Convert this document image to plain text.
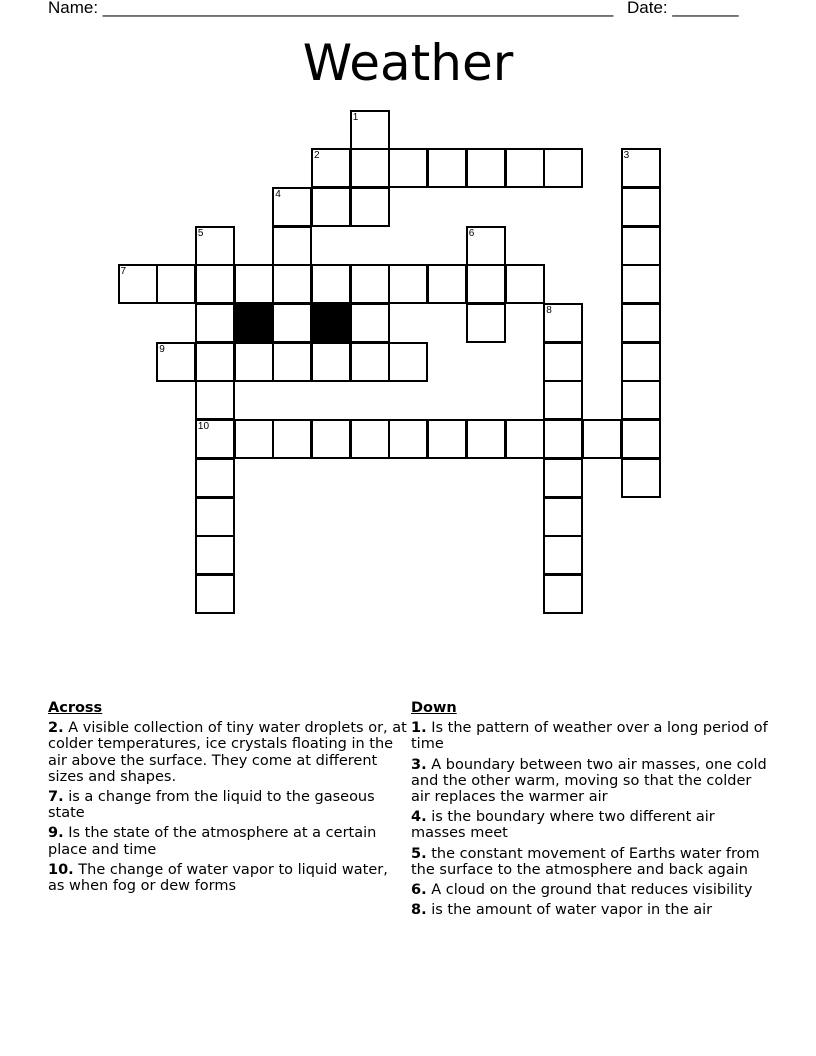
Name: ______________________________________________________ Date: _______
Weather
1
2	3
4
5
10
6
7
8
9
Across
2. A visible collection of tiny water droplets or, at colder temperatures, ice crystals floating in the air above the surface. They come at different sizes and shapes.
7. is a change from the liquid to the gaseous state
9. Is the state of the atmosphere at a certain place and time
10. The change of water vapor to liquid water, as when fog or dew forms
Down
1. Is the pattern of weather over a long period of time
3. A boundary between two air masses, one cold and the other warm, moving so that the colder air replaces the warmer air
4. is the boundary where two different air masses meet
5. the constant movement of Earths water from the surface to the atmosphere and back again
6. A cloud on the ground that reduces visibility
8. is the amount of water vapor in the air
